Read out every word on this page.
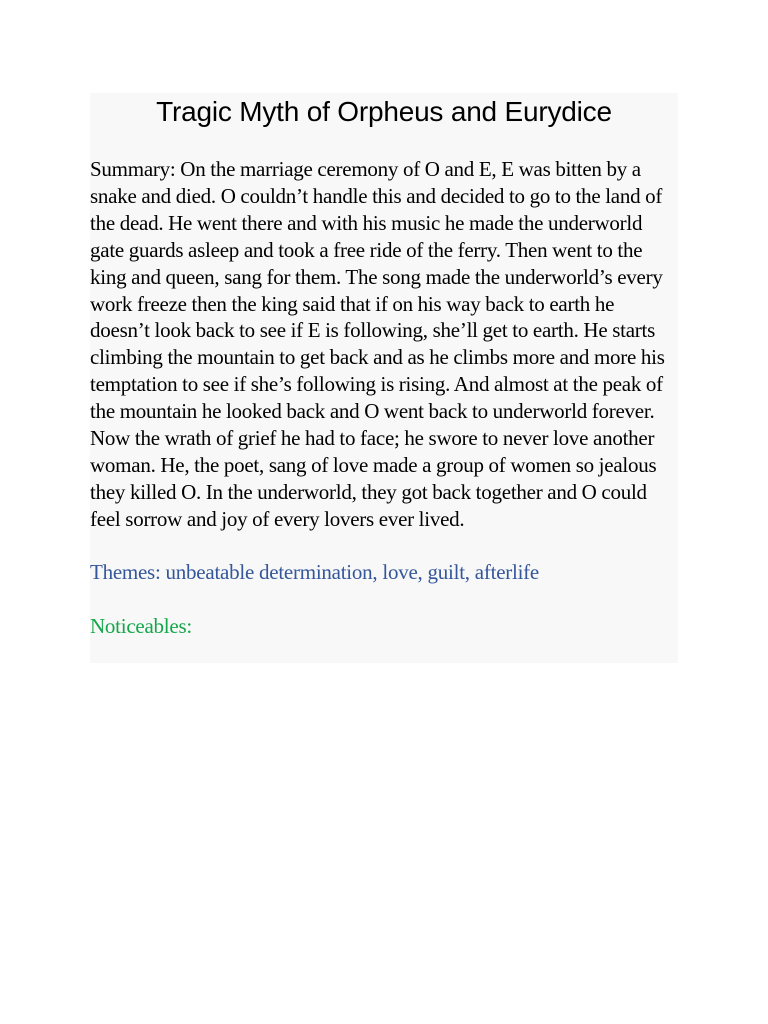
Tragic Myth of Orpheus and Eurydice

Summary: On the marriage ceremony of O and E, E was bitten by a snake and died. O couldn’t handle this and decided to go to the land of the dead. He went there and with his music he made the underworld gate guards asleep and took a free ride of the ferry. Then went to the king and queen, sang for them. The song made the underworld’s every work freeze then the king said that if on his way back to earth he doesn’t look back to see if E is following, she’ll get to earth. He starts climbing the mountain to get back and as he climbs more and more his temptation to see if she’s following is rising. And almost at the peak of the mountain he looked back and O went back to underworld forever. Now the wrath of grief he had to face; he swore to never love another woman. He, the poet, sang of love made a group of women so jealous they killed O. In the underworld, they got back together and O could feel sorrow and joy of every lovers ever lived.

Themes: unbeatable determination, love, guilt, afterlife

Noticeables:
